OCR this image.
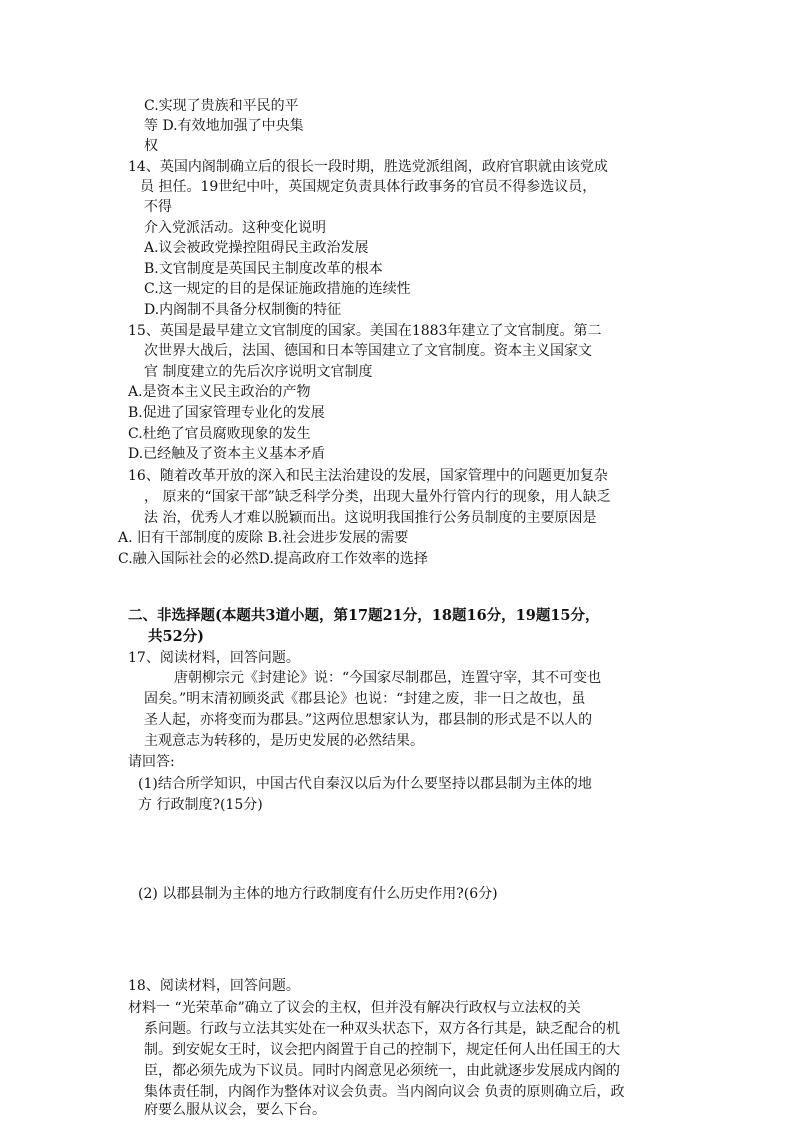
C.实现了贵族和平民的平
等 D.有效地加强了中央集
权
14、英国内阁制确立后的很长一段时期，胜选党派组阁，政府官职就由该党成
员 担任。19世纪中叶，英国规定负责具体行政事务的官员不得参选议员，
不得
介入党派活动。这种变化说明
A.议会被政党操控阻碍民主政治发展
B.文官制度是英国民主制度改革的根本
C.这一规定的目的是保证施政措施的连续性
D.内阁制不具备分权制衡的特征
15、英国是最早建立文官制度的国家。美国在1883年建立了文官制度。第二
次世界大战后，法国、德国和日本等国建立了文官制度。资本主义国家文
官 制度建立的先后次序说明文官制度
A.是资本主义民主政治的产物
B.促进了国家管理专业化的发展
C.杜绝了官员腐败现象的发生
D.已经触及了资本主义基本矛盾
16、随着改革开放的深入和民主法治建设的发展，国家管理中的问题更加复杂
， 原来的“国家干部”缺乏科学分类，出现大量外行管内行的现象，用人缺乏
法 治，优秀人才难以脱颖而出。这说明我国推行公务员制度的主要原因是
A. 旧有干部制度的废除 B.社会进步发展的需要
C.融入国际社会的必然D.提高政府工作效率的选择
二、非选择题(本题共3道小题，第17题21分，18题16分，19题15分，
共52分)
17、阅读材料，回答问题。
唐朝柳宗元《封建论》说：“今国家尽制郡邑，连置守宰，其不可变也
固矣。”明末清初顾炎武《郡县论》也说：“封建之废，非一日之故也，虽
圣人起，亦将变而为郡县。”这两位思想家认为，郡县制的形式是不以人的
主观意志为转移的，是历史发展的必然结果。
请回答:
(1)结合所学知识，中国古代自秦汉以后为什么要坚持以郡县制为主体的地
方 行政制度?(15分)
(2) 以郡县制为主体的地方行政制度有什么历史作用?(6分)
18、阅读材料，回答问题。
材料一 “光荣革命”确立了议会的主权，但并没有解决行政权与立法权的关
系问题。行政与立法其实处在一种双头状态下，双方各行其是，缺乏配合的机
制。到安妮女王时，议会把内阁置于自己的控制下，规定任何人出任国王的大
臣，都必须先成为下议员。同时内阁意见必须统一，由此就逐步发展成内阁的
集体责任制，内阁作为整体对议会负责。当内阁向议会 负责的原则确立后，政
府要么服从议会，要么下台。
